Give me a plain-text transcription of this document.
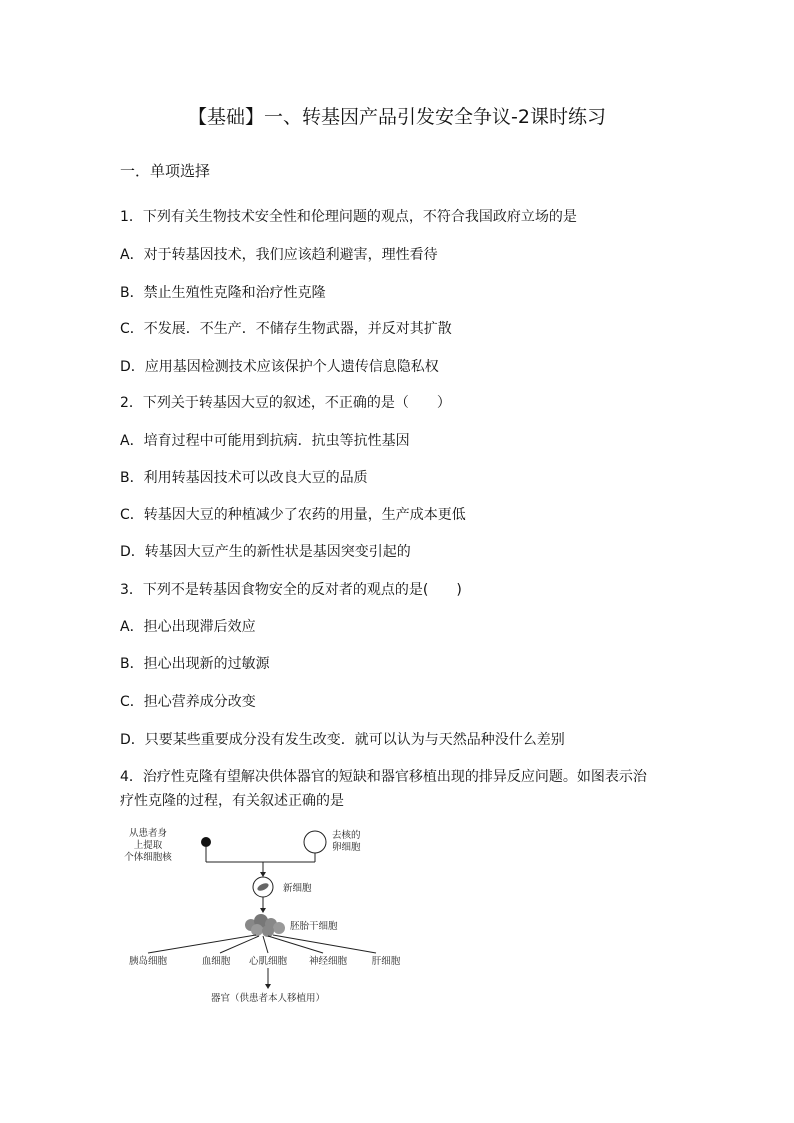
【基础】一、转基因产品引发安全争议-2课时练习
一．单项选择
1．下列有关生物技术安全性和伦理问题的观点，不符合我国政府立场的是
A．对于转基因技术，我们应该趋利避害，理性看待
B．禁止生殖性克隆和治疗性克隆
C．不发展．不生产．不储存生物武器，并反对其扩散
D．应用基因检测技术应该保护个人遗传信息隐私权
2．下列关于转基因大豆的叙述，不正确的是（　　）
A．培育过程中可能用到抗病．抗虫等抗性基因
B．利用转基因技术可以改良大豆的品质
C．转基因大豆的种植减少了农药的用量，生产成本更低
D．转基因大豆产生的新性状是基因突变引起的
3．下列不是转基因食物安全的反对者的观点的是(　　)
A．担心出现滞后效应
B．担心出现新的过敏源
C．担心营养成分改变
D．只要某些重要成分没有发生改变．就可以认为与天然品种没什么差别
4．治疗性克隆有望解决供体器官的短缺和器官移植出现的排异反应问题。如图表示治
疗性克隆的过程，有关叙述正确的是
从患者身
上提取
个体细胞核
去核的
卵细胞
新细胞
胚胎干细胞
胰岛细胞	血细胞 心肌细胞 神经细胞	肝细胞
器官（供患者本人移植用）
